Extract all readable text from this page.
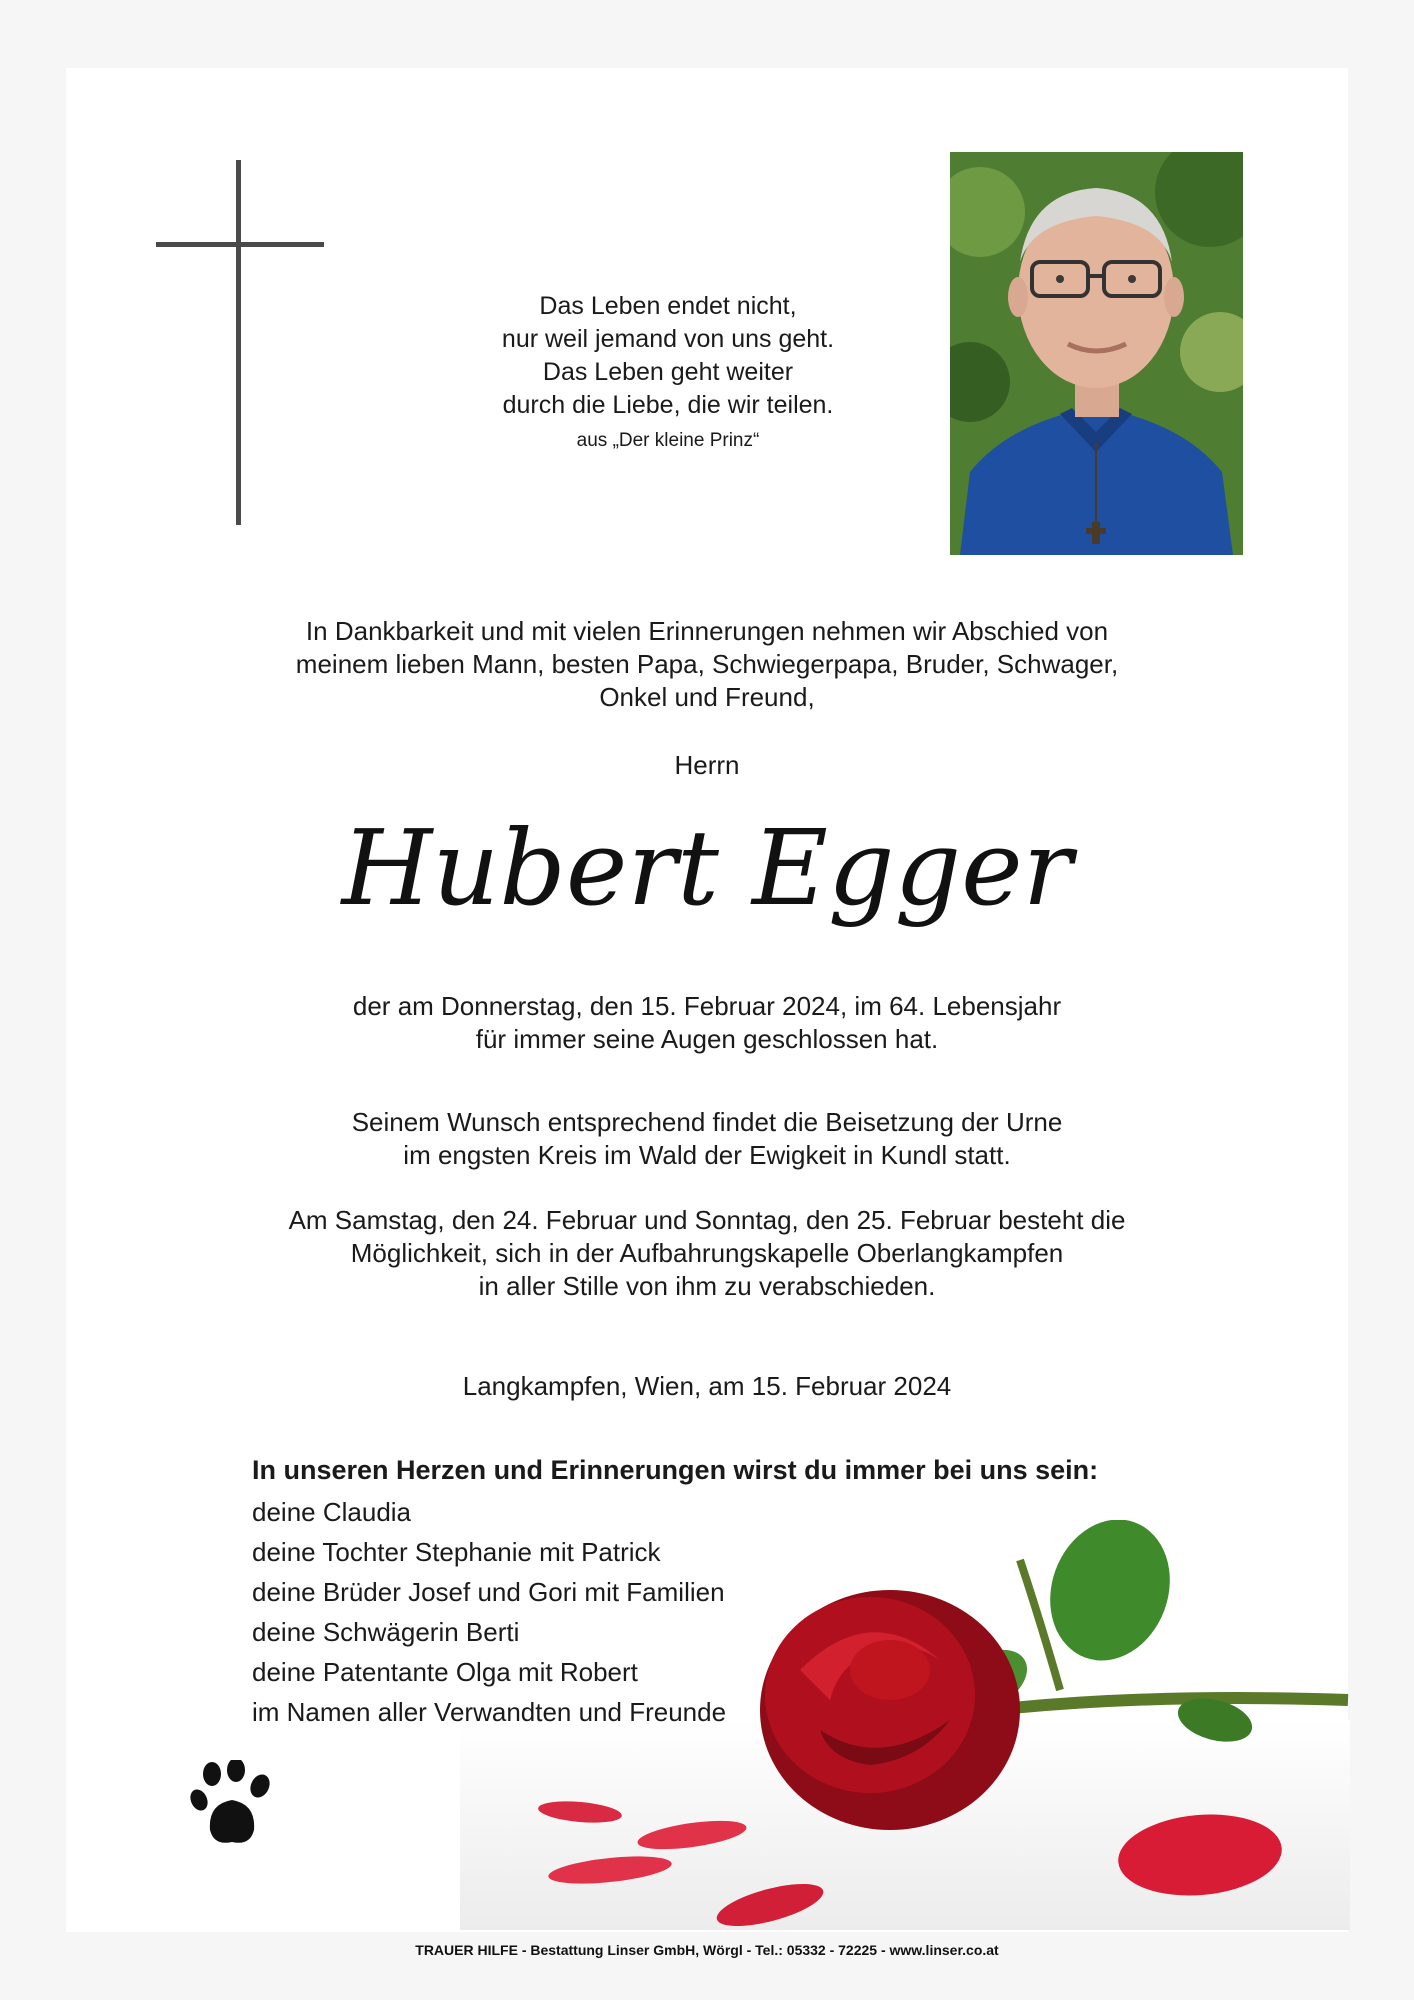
Das Leben endet nicht,
nur weil jemand von uns geht.
Das Leben geht weiter
durch die Liebe, die wir teilen.
aus „Der kleine Prinz“
In Dankbarkeit und mit vielen Erinnerungen nehmen wir Abschied von
meinem lieben Mann, besten Papa, Schwiegerpapa, Bruder, Schwager,
Onkel und Freund,
Herrn
Hubert Egger
der am Donnerstag, den 15. Februar 2024, im 64. Lebensjahr
für immer seine Augen geschlossen hat.
Seinem Wunsch entsprechend findet die Beisetzung der Urne
im engsten Kreis im Wald der Ewigkeit in Kundl statt.
Am Samstag, den 24. Februar und Sonntag, den 25. Februar besteht die
Möglichkeit, sich in der Aufbahrungskapelle Oberlangkampfen
in aller Stille von ihm zu verabschieden.
Langkampfen, Wien, am 15. Februar 2024
In unseren Herzen und Erinnerungen wirst du immer bei uns sein:
deine Claudia
deine Tochter Stephanie mit Patrick
deine Brüder Josef und Gori mit Familien
deine Schwägerin Berti
deine Patentante Olga mit Robert
im Namen aller Verwandten und Freunde
TRAUER HILFE - Bestattung Linser GmbH, Wörgl - Tel.: 05332 - 72225 - www.linser.co.at
